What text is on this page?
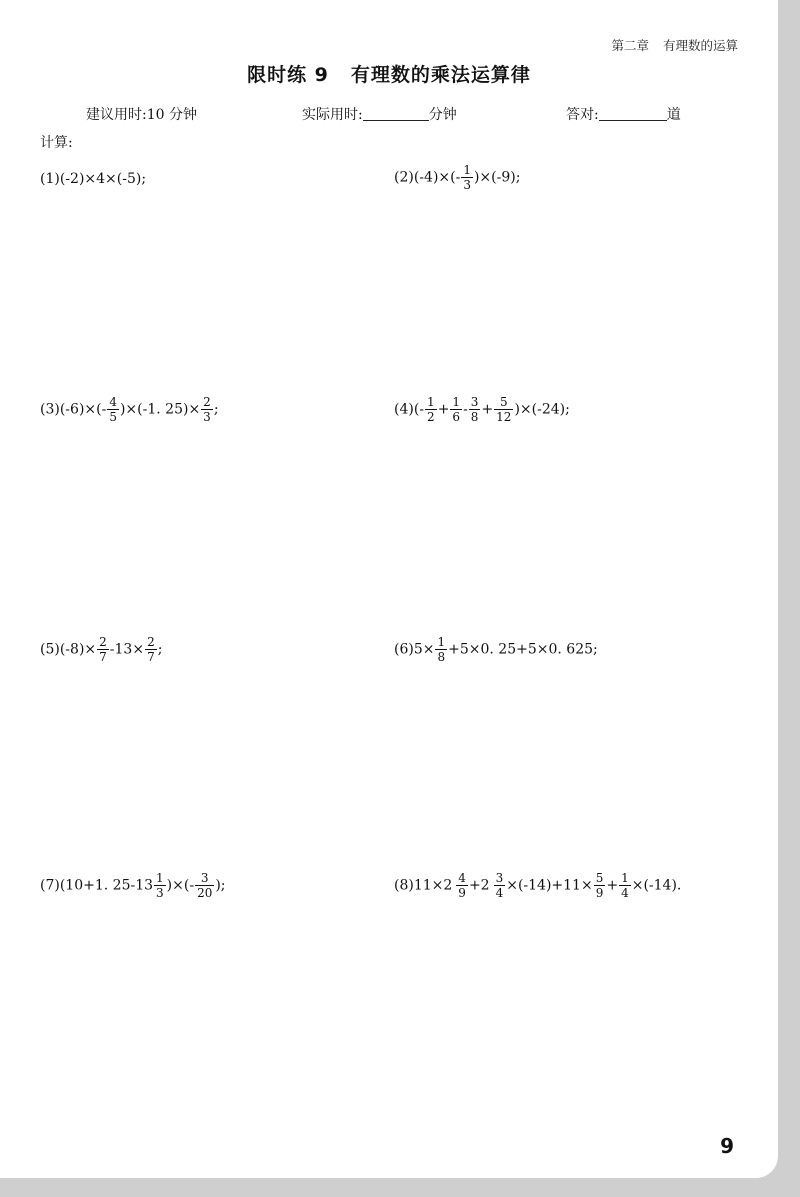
第二章 有理数的运算
限时练 9 有理数的乘法运算律
建议用时:10 分钟	实际用时:	分钟	答对:	道
计算:
(1)(-2)×4×(-5);	$(2)(-4)\times(- \frac{1}{3} )\times(-9)$;
$(3)(-6)\times(- \frac{4}{5} )\times(-1$. $25)\times \frac{2}{3}$ ;	$(4)(- \frac{1}{2} + \frac{1}{6} - \frac{3}{8} + \frac{5}{12} )\times(-24)$;
$(5)(-8)\times \frac{2}{7} -13\times \frac{2}{7}$ ;	$(6)5\times \frac{1}{8} +5\times 0$. 25+5×0. 625;
(7)(10+1. $25-13 \frac{1}{3}$ )×(- $\frac{3}{20}$ );	$(8)11\times 2 \frac{4}{9} +2 \frac{3}{4} \times(-14)+11\times \frac{5}{9} + \frac{1}{4} \times(-14)$.
9
